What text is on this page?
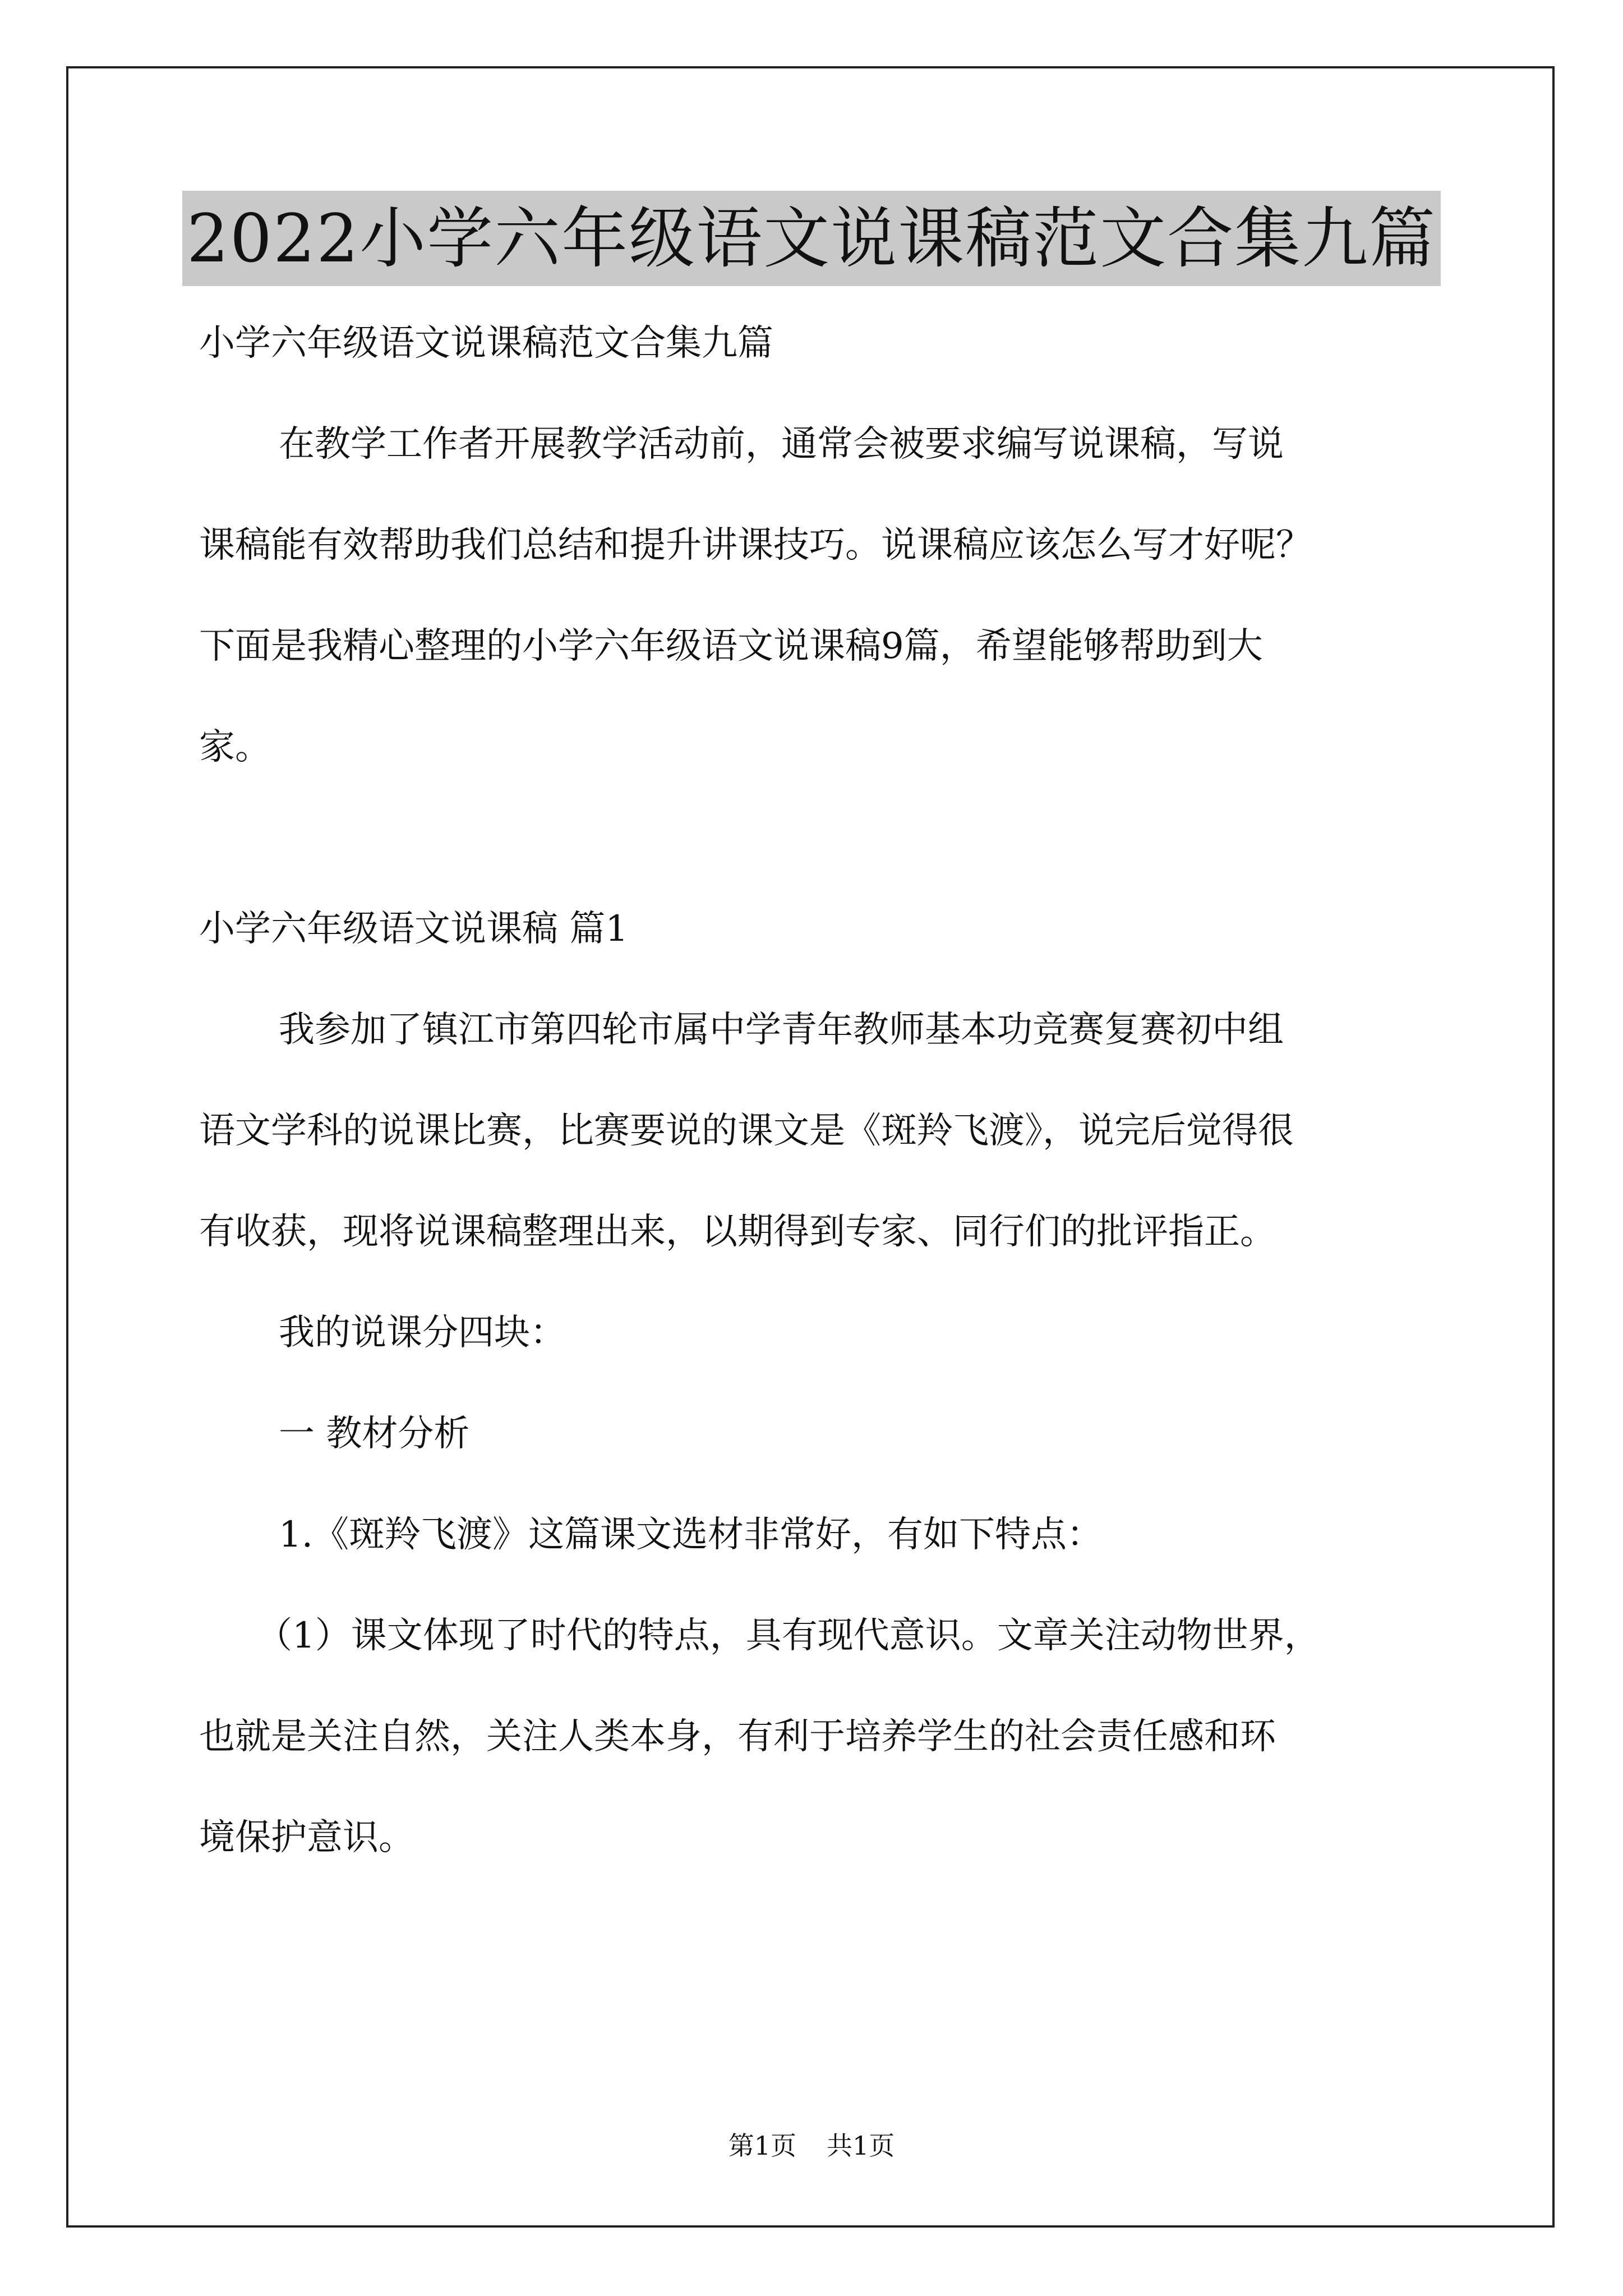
2022小学六年级语文说课稿范文合集九篇
小学六年级语文说课稿范文合集九篇
在教学工作者开展教学活动前，通常会被要求编写说课稿，写说
课稿能有效帮助我们总结和提升讲课技巧。说课稿应该怎么写才好呢？
下面是我精心整理的小学六年级语文说课稿9篇，希望能够帮助到大
家。
小学六年级语文说课稿 篇1
我参加了镇江市第四轮市属中学青年教师基本功竞赛复赛初中组
语文学科的说课比赛，比赛要说的课文是《斑羚飞渡》，说完后觉得很
有收获，现将说课稿整理出来，以期得到专家、同行们的批评指正。
我的说课分四块：
一 教材分析
1.《斑羚飞渡》这篇课文选材非常好，有如下特点：
（1）课文体现了时代的特点，具有现代意识。文章关注动物世界，
也就是关注自然，关注人类本身，有利于培养学生的社会责任感和环
境保护意识。
第1页 共1页
